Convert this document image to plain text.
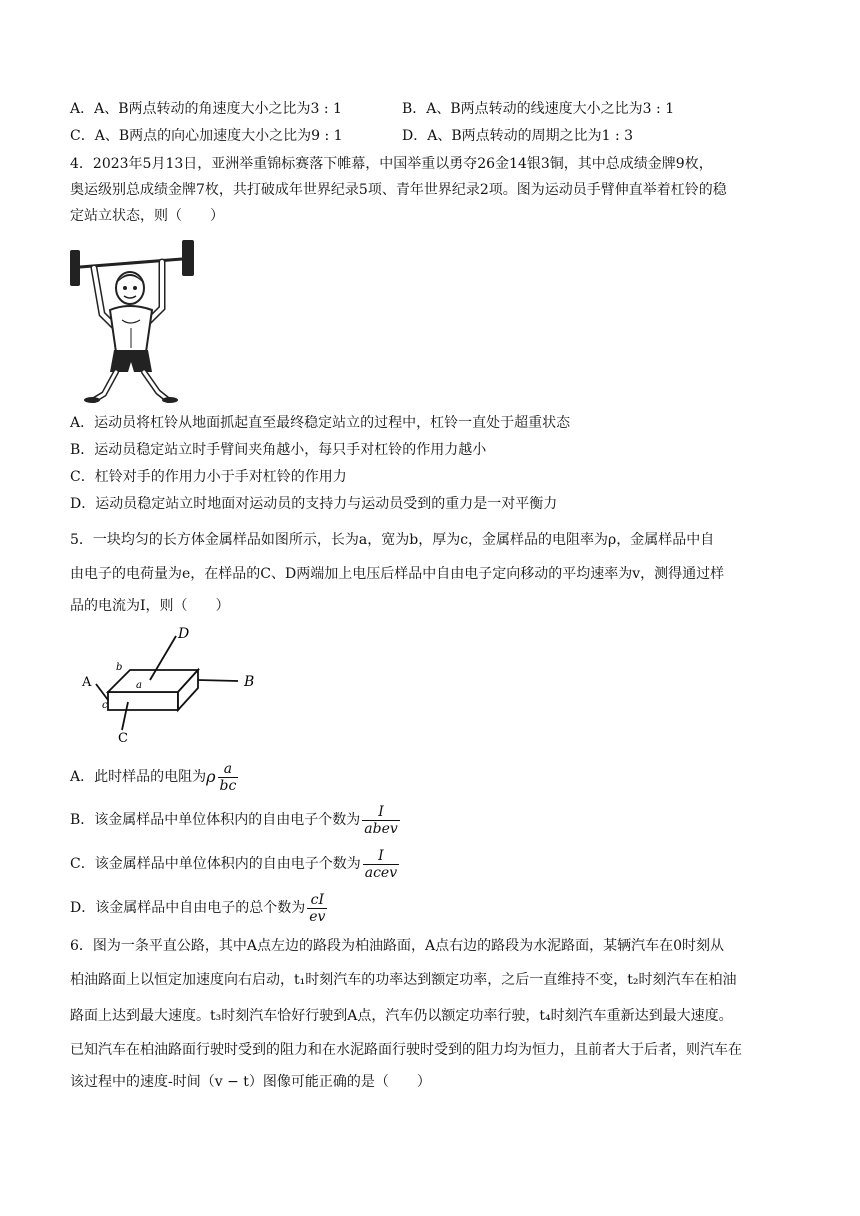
A．A、B两点转动的角速度大小之比为3 : 1	B．A、B两点转动的线速度大小之比为3 : 1
C．A、B两点的向心加速度大小之比为9 : 1	D．A、B两点转动的周期之比为1 : 3
4．2023年5月13日，亚洲举重锦标赛落下帷幕，中国举重以勇夺26金14银3铜，其中总成绩金牌9枚，
奥运级别总成绩金牌7枚，共打破成年世界纪录5项、青年世界纪录2项。图为运动员手臂伸直举着杠铃的稳
定站立状态，则（　　）
A．运动员将杠铃从地面抓起直至最终稳定站立的过程中，杠铃一直处于超重状态
B．运动员稳定站立时手臂间夹角越小，每只手对杠铃的作用力越小
C．杠铃对手的作用力小于手对杠铃的作用力
D．运动员稳定站立时地面对运动员的支持力与运动员受到的重力是一对平衡力
5．一块均匀的长方体金属样品如图所示，长为a，宽为b，厚为c，金属样品的电阻率为ρ，金属样品中自
由电子的电荷量为e，在样品的C、D两端加上电压后样品中自由电子定向移动的平均速率为v，测得通过样
品的电流为I，则（　　）
D
A	B
C
a
b
c
A．此时样品的电阻为ρ $\frac{a}{bc}$
B．该金属样品中单位体积内的自由电子个数为 $\frac{I}{\text{abev}}$
C．该金属样品中单位体积内的自由电子个数为 $\frac{I}{\text{acev}}$
D．该金属样品中自由电子的总个数为 $\frac{cI}{ev}$
6．图为一条平直公路，其中A点左边的路段为柏油路面，A点右边的路段为水泥路面，某辆汽车在0时刻从
柏油路面上以恒定加速度向右启动，t₁时刻汽车的功率达到额定功率，之后一直维持不变，t₂时刻汽车在柏油
路面上达到最大速度。t₃时刻汽车恰好行驶到A点，汽车仍以额定功率行驶，t₄时刻汽车重新达到最大速度。
已知汽车在柏油路面行驶时受到的阻力和在水泥路面行驶时受到的阻力均为恒力，且前者大于后者，则汽车在
该过程中的速度-时间（v − t）图像可能正确的是（　　）
